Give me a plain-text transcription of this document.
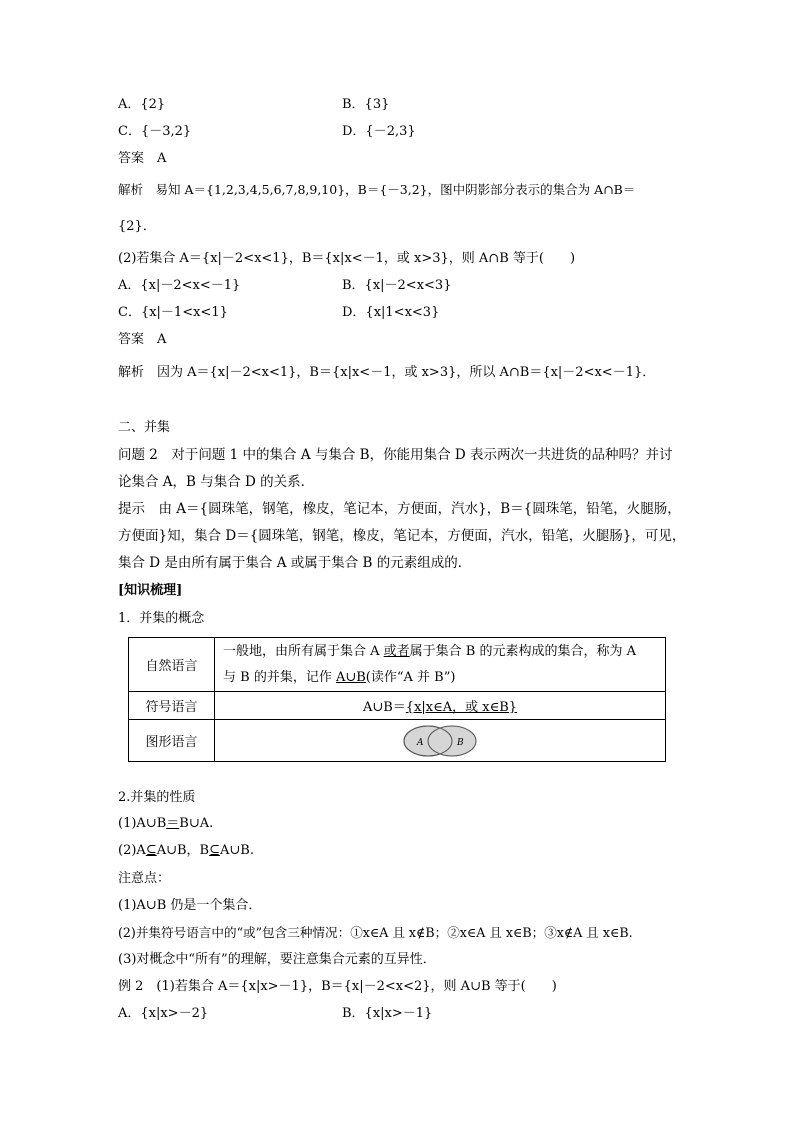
A．{2}	B．{3}
C．{－3,2}	D．{－2,3}
答案　A
解析　易知 A＝{1,2,3,4,5,6,7,8,9,10}，B＝{－3,2}，图中阴影部分表示的集合为 A∩B＝
{2}．
(2)若集合 A＝{x|－2<x<1}，B＝{x|x<－1，或 x>3}，则 A∩B 等于(　　)
A．{x|－2<x<－1}	B．{x|－2<x<3}
C．{x|－1<x<1}	D．{x|1<x<3}
答案　A
解析　因为 A＝{x|－2<x<1}，B＝{x|x<－1，或 x>3}，所以 A∩B＝{x|－2<x<－1}．
二、并集
问题 2　对于问题 1 中的集合 A 与集合 B，你能用集合 D 表示两次一共进货的品种吗？并讨
论集合 A，B 与集合 D 的关系．
提示　由 A＝{圆珠笔，钢笔，橡皮，笔记本，方便面，汽水}，B＝{圆珠笔，铅笔，火腿肠，
方便面}知，集合 D＝{圆珠笔，钢笔，橡皮，笔记本，方便面，汽水，铅笔，火腿肠}，可见，
集合 D 是由所有属于集合 A 或属于集合 B 的元素组成的．
[知识梳理]
1．并集的概念
自然语言	一般地，由所有属于集合 A 或者属于集合 B 的元素构成的集合，称为 A
与 B 的并集，记作 A∪B(读作“A 并 B”)
符号语言	A∪B＝{x|x∈A，或 x∈B}
图形语言	A B
2.并集的性质
(1)A∪B＝B∪A.
(2)A⊆A∪B，B⊆A∪B.
注意点：
(1)A∪B 仍是一个集合．
(2)并集符号语言中的“或”包含三种情况：①x∈A 且 x∉B；②x∈A 且 x∈B；③x∉A 且 x∈B.
(3)对概念中“所有”的理解，要注意集合元素的互异性．
例 2　(1)若集合 A＝{x|x>－1}，B＝{x|－2<x<2}，则 A∪B 等于(　　)
A．{x|x>－2}	B．{x|x>－1}
